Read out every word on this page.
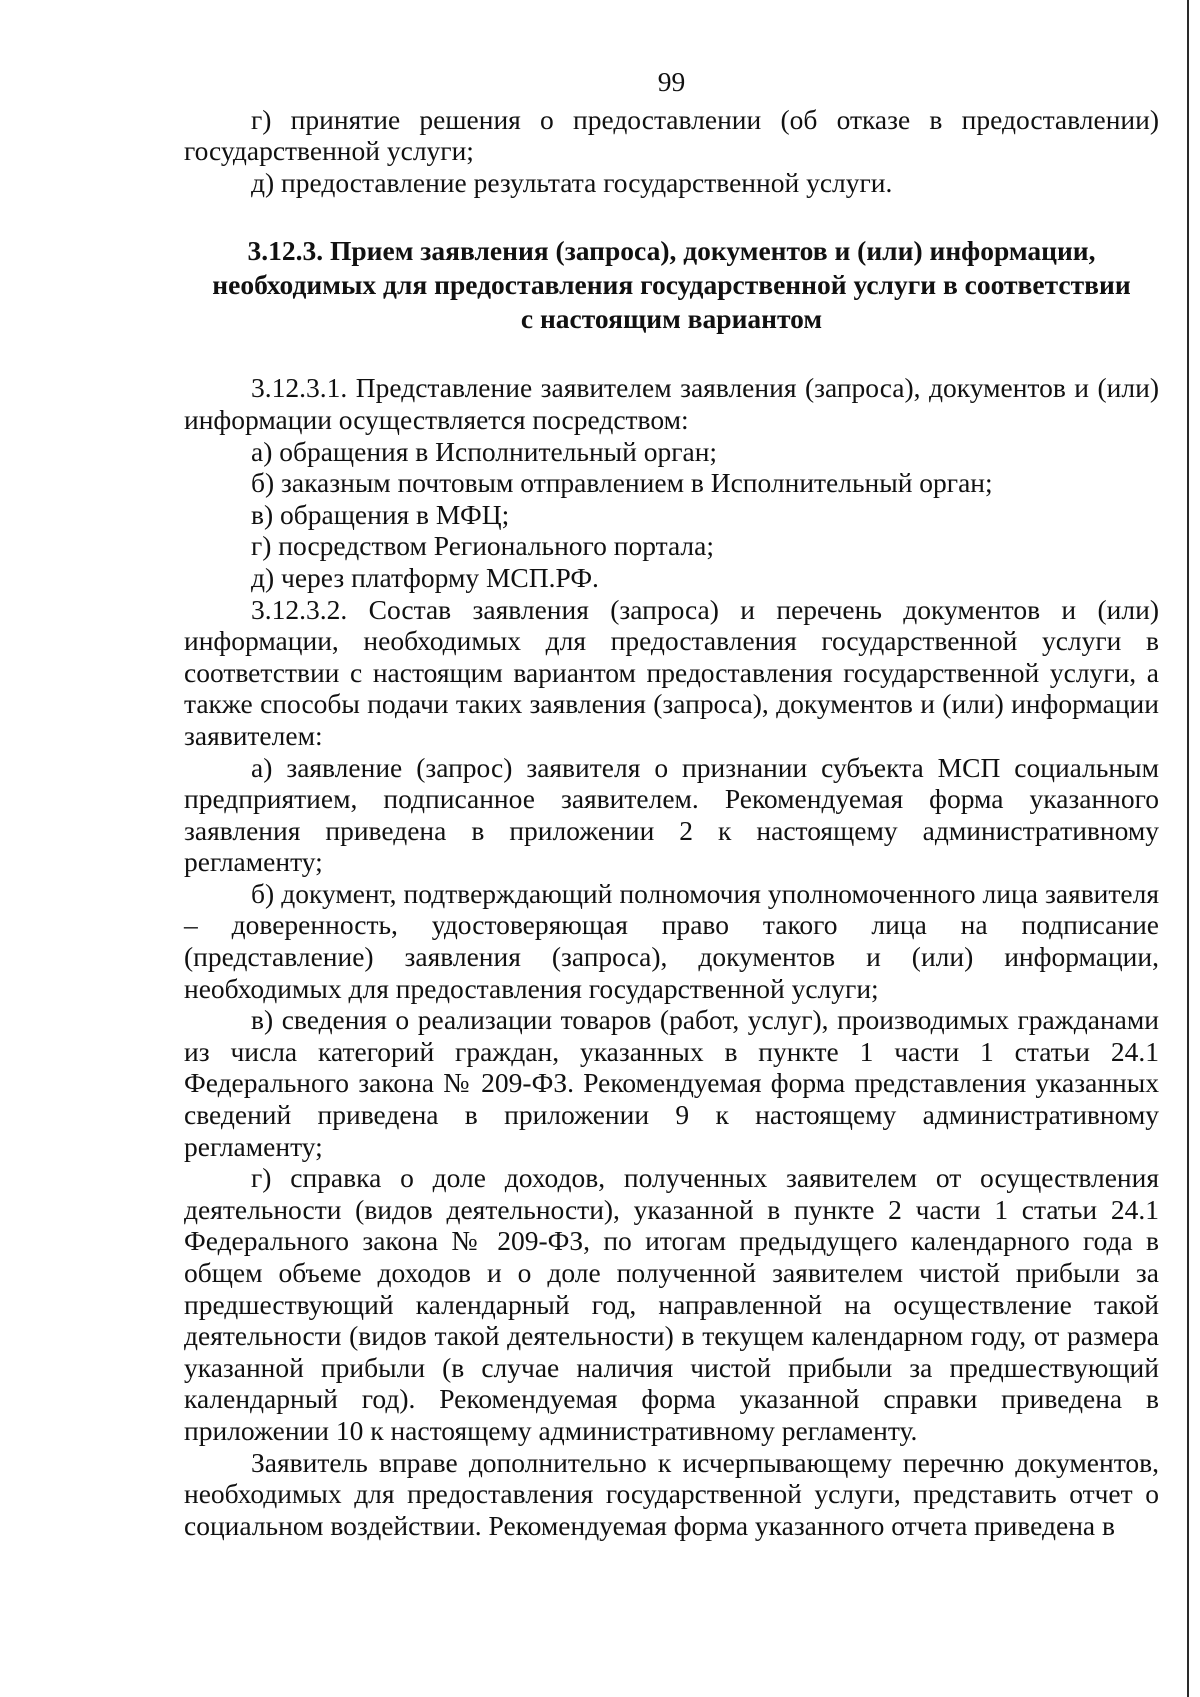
99

г) принятие решения о предоставлении (об отказе в предоставлении) государственной услуги;

д) предоставление результата государственной услуги.

3.12.3. Прием заявления (запроса), документов и (или) информации,
необходимых для предоставления государственной услуги в соответствии
с настоящим вариантом

3.12.3.1. Представление заявителем заявления (запроса), документов и (или) информации осуществляется посредством:

а) обращения в Исполнительный орган;

б) заказным почтовым отправлением в Исполнительный орган;

в) обращения в МФЦ;

г) посредством Регионального портала;

д) через платформу МСП.РФ.

3.12.3.2. Состав заявления (запроса) и перечень документов и (или) информации, необходимых для предоставления государственной услуги в соответствии с настоящим вариантом предоставления государственной услуги, а также способы подачи таких заявления (запроса), документов и (или) информации заявителем:

а) заявление (запрос) заявителя о признании субъекта МСП социальным предприятием, подписанное заявителем. Рекомендуемая форма указанного заявления приведена в приложении 2 к настоящему административному регламенту;

б) документ, подтверждающий полномочия уполномоченного лица заявителя – доверенность, удостоверяющая право такого лица на подписание (представление) заявления (запроса), документов и (или) информации, необходимых для предоставления государственной услуги;

в) сведения о реализации товаров (работ, услуг), производимых гражданами из числа категорий граждан, указанных в пункте 1 части 1 статьи 24.1 Федерального закона № 209-ФЗ. Рекомендуемая форма представления указанных сведений приведена в приложении 9 к настоящему административному регламенту;

г) справка о доле доходов, полученных заявителем от осуществления деятельности (видов деятельности), указанной в пункте 2 части 1 статьи 24.1 Федерального закона № 209-ФЗ, по итогам предыдущего календарного года в общем объеме доходов и о доле полученной заявителем чистой прибыли за предшествующий календарный год, направленной на осуществление такой деятельности (видов такой деятельности) в текущем календарном году, от размера указанной прибыли (в случае наличия чистой прибыли за предшествующий календарный год). Рекомендуемая форма указанной справки приведена в приложении 10 к настоящему административному регламенту.

Заявитель вправе дополнительно к исчерпывающему перечню документов, необходимых для предоставления государственной услуги, представить отчет о социальном воздействии. Рекомендуемая форма указанного отчета приведена в
